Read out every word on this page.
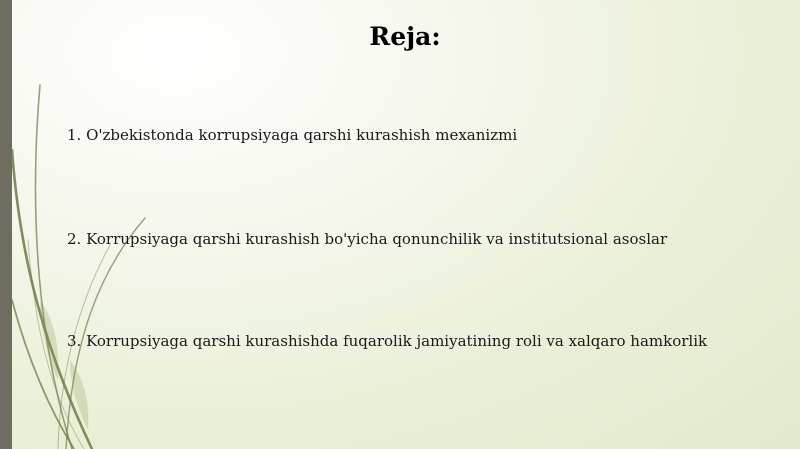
Reja:
1. O'zbekistonda korrupsiyaga qarshi kurashish mexanizmi
2. Korrupsiyaga qarshi kurashish bo'yicha qonunchilik va institutsional asoslar
3. Korrupsiyaga qarshi kurashishda fuqarolik jamiyatining roli va xalqaro hamkorlik
